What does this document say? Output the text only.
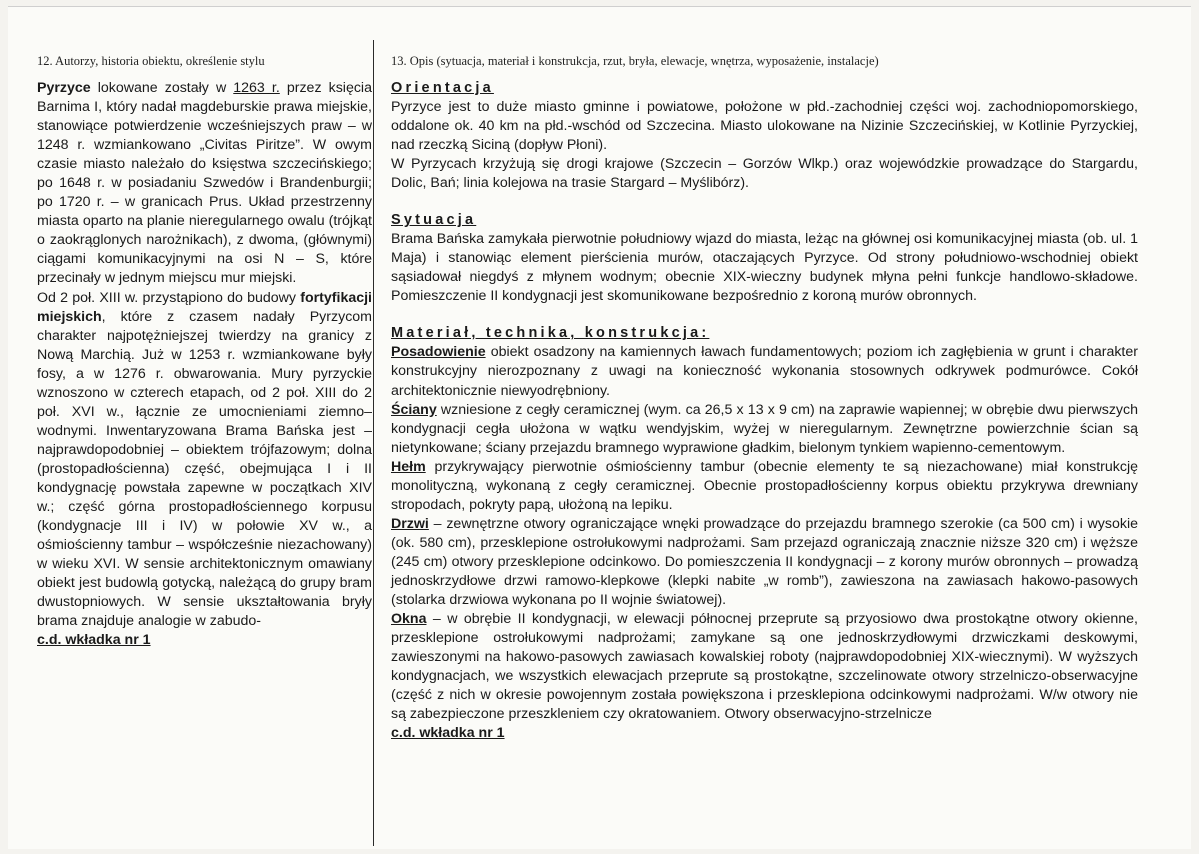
12. Autorzy, historia obiektu, określenie stylu	13. Opis (sytuacja, materiał i konstrukcja, rzut, bryła, elewacje, wnętrza, wyposażenie, instalacje)

Pyrzyce lokowane zostały w 1263 r. przez księcia Barnima I, który nadał magdeburskie prawa miejskie, stanowiące potwierdzenie wcześniejszych praw – w 1248 r. wzmiankowano „Civitas Piritze”. W owym czasie miasto należało do księstwa szczecińskiego; po 1648 r. w posiadaniu Szwedów i Brandenburgii; po 1720 r. – w granicach Prus. Układ przestrzenny miasta oparto na planie nieregularnego owalu (trójkąt o zaokrąglonych narożnikach), z dwoma, (głównymi) ciągami komunikacyjnymi na osi N – S, które przecinały w jednym miejscu mur miejski.

Od 2 poł. XIII w. przystąpiono do budowy fortyfikacji miejskich, które z czasem nadały Pyrzycom charakter najpotężniejszej twierdzy na granicy z Nową Marchią. Już w 1253 r. wzmiankowane były fosy, a w 1276 r. obwarowania. Mury pyrzyckie wznoszono w czterech etapach, od 2 poł. XIII do 2 poł. XVI w., łącznie ze umocnieniami ziemno–wodnymi. Inwentaryzowana Brama Bańska jest – najprawdopodobniej – obiektem trójfazowym; dolna (prostopadłościenna) część, obejmująca I i II kondygnację powstała zapewne w początkach XIV w.; część górna prostopadłościennego korpusu (kondygnacje III i IV) w połowie XV w., a ośmiościenny tambur – współcześnie niezachowany) w wieku XVI. W sensie architektonicznym omawiany obiekt jest budowlą gotycką, należącą do grupy bram dwustopniowych. W sensie ukształtowania bryły brama znajduje analogie w zabudo-

c.d. wkładka nr 1

Orientacja

Pyrzyce jest to duże miasto gminne i powiatowe, położone w płd.-zachodniej części woj. zachodniopomorskiego, oddalone ok. 40 km na płd.-wschód od Szczecina. Miasto ulokowane na Nizinie Szczecińskiej, w Kotlinie Pyrzyckiej, nad rzeczką Siciną (dopływ Płoni).

W Pyrzycach krzyżują się drogi krajowe (Szczecin – Gorzów Wlkp.) oraz wojewódzkie prowadzące do Stargardu, Dolic, Bań; linia kolejowa na trasie Stargard – Myślibórz).

Sytuacja

Brama Bańska zamykała pierwotnie południowy wjazd do miasta, leżąc na głównej osi komunikacyjnej miasta (ob. ul. 1 Maja) i stanowiąc element pierścienia murów, otaczających Pyrzyce. Od strony południowo-wschodniej obiekt sąsiadował niegdyś z młynem wodnym; obecnie XIX-wieczny budynek młyna pełni funkcje handlowo-składowe. Pomieszczenie II kondygnacji jest skomunikowane bezpośrednio z koroną murów obronnych.

Materiał, technika, konstrukcja:

Posadowienie obiekt osadzony na kamiennych ławach fundamentowych; poziom ich zagłębienia w grunt i charakter konstrukcyjny nierozpoznany z uwagi na konieczność wykonania stosownych odkrywek podmurówce. Cokół architektonicznie niewyodrębniony.

Ściany wzniesione z cegły ceramicznej (wym. ca 26,5 x 13 x 9 cm) na zaprawie wapiennej; w obrębie dwu pierwszych kondygnacji cegła ułożona w wątku wendyjskim, wyżej w nieregularnym. Zewnętrzne powierzchnie ścian są nietynkowane; ściany przejazdu bramnego wyprawione gładkim, bielonym tynkiem wapienno-cementowym.

Hełm przykrywający pierwotnie ośmiościenny tambur (obecnie elementy te są niezachowane) miał konstrukcję monolityczną, wykonaną z cegły ceramicznej. Obecnie prostopadłościenny korpus obiektu przykrywa drewniany stropodach, pokryty papą, ułożoną na lepiku.

Drzwi – zewnętrzne otwory ograniczające wnęki prowadzące do przejazdu bramnego szerokie (ca 500 cm) i wysokie (ok. 580 cm), przesklepione ostrołukowymi nadprożami. Sam przejazd ograniczają znacznie niższe 320 cm) i węższe (245 cm) otwory przesklepione odcinkowo. Do pomieszczenia II kondygnacji – z korony murów obronnych – prowadzą jednoskrzydłowe drzwi ramowo-klepkowe (klepki nabite „w romb”), zawieszona na zawiasach hakowo-pasowych (stolarka drzwiowa wykonana po II wojnie światowej).

Okna – w obrębie II kondygnacji, w elewacji północnej przeprute są przyosiowo dwa prostokątne otwory okienne, przesklepione ostrołukowymi nadprożami; zamykane są one jednoskrzydłowymi drzwiczkami deskowymi, zawieszonymi na hakowo-pasowych zawiasach kowalskiej roboty (najprawdopodobniej XIX-wiecznymi). W wyższych kondygnacjach, we wszystkich elewacjach przeprute są prostokątne, szczelinowate otwory strzelniczo-obserwacyjne (część z nich w okresie powojennym została powiększona i przesklepiona odcinkowymi nadprożami. W/w otwory nie są zabezpieczone przeszkleniem czy okratowaniem. Otwory obserwacyjno-strzelnicze

c.d. wkładka nr 1
